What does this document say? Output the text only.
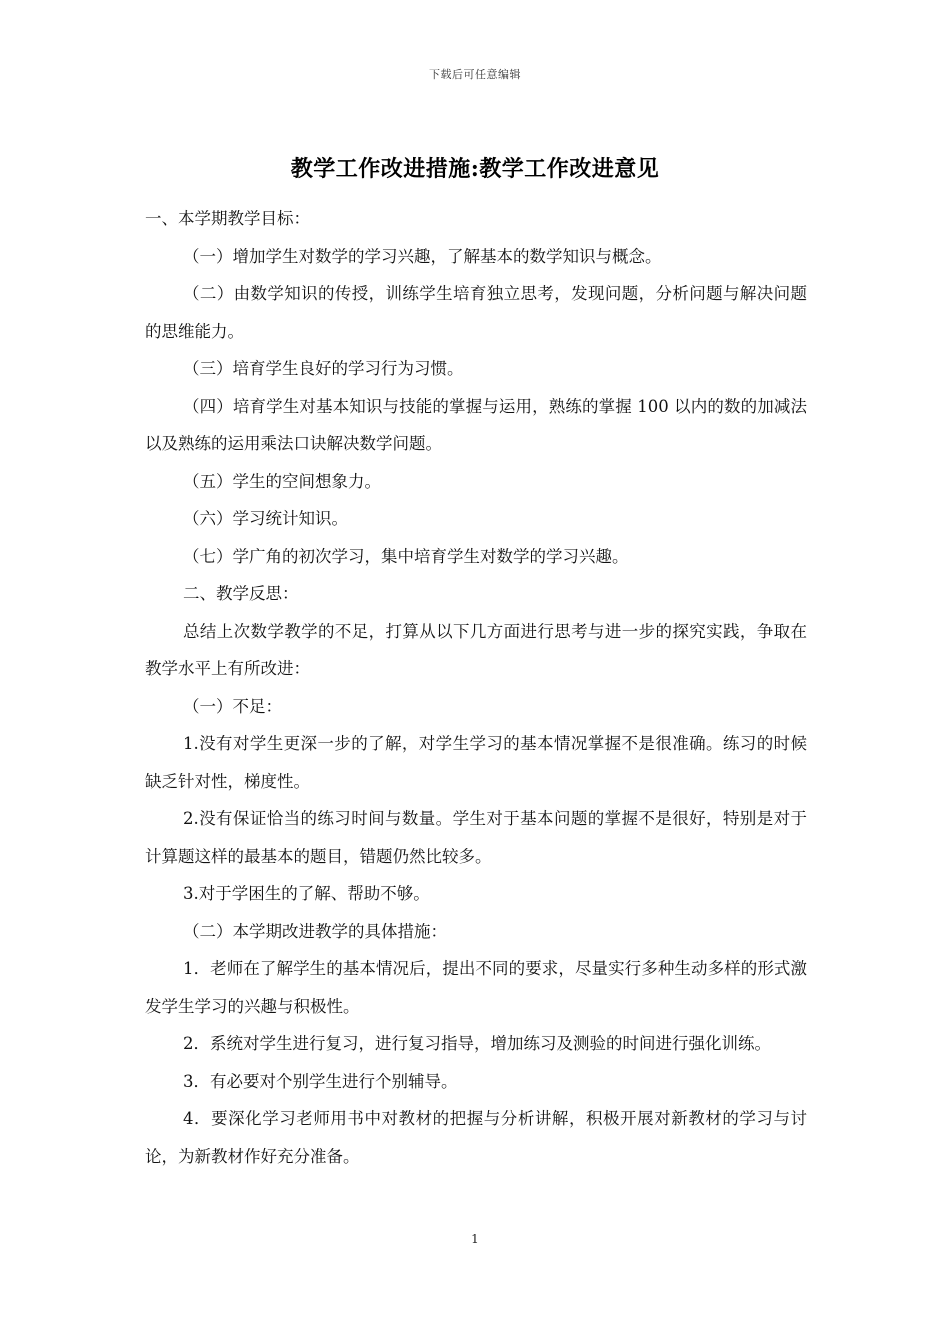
下载后可任意编辑
教学工作改进措施:教学工作改进意见

一、本学期教学目标：

（一）增加学生对数学的学习兴趣，了解基本的数学知识与概念。

（二）由数学知识的传授，训练学生培育独立思考，发现问题，分析问题与解决问题的思维能力。

（三）培育学生良好的学习行为习惯。

（四）培育学生对基本知识与技能的掌握与运用，熟练的掌握 100 以内的数的加减法以及熟练的运用乘法口诀解决数学问题。

（五）学生的空间想象力。

（六）学习统计知识。

（七）学广角的初次学习，集中培育学生对数学的学习兴趣。

二、教学反思：

总结上次数学教学的不足，打算从以下几方面进行思考与进一步的探究实践，争取在教学水平上有所改进：

（一）不足：

1.没有对学生更深一步的了解，对学生学习的基本情况掌握不是很准确。练习的时候缺乏针对性，梯度性。

2.没有保证恰当的练习时间与数量。学生对于基本问题的掌握不是很好，特别是对于计算题这样的最基本的题目，错题仍然比较多。

3.对于学困生的了解、帮助不够。

（二）本学期改进教学的具体措施：

1．老师在了解学生的基本情况后，提出不同的要求，尽量实行多种生动多样的形式激发学生学习的兴趣与积极性。

2．系统对学生进行复习，进行复习指导，增加练习及测验的时间进行强化训练。

3．有必要对个别学生进行个别辅导。

4．要深化学习老师用书中对教材的把握与分析讲解，积极开展对新教材的学习与讨论，为新教材作好充分准备。

1
